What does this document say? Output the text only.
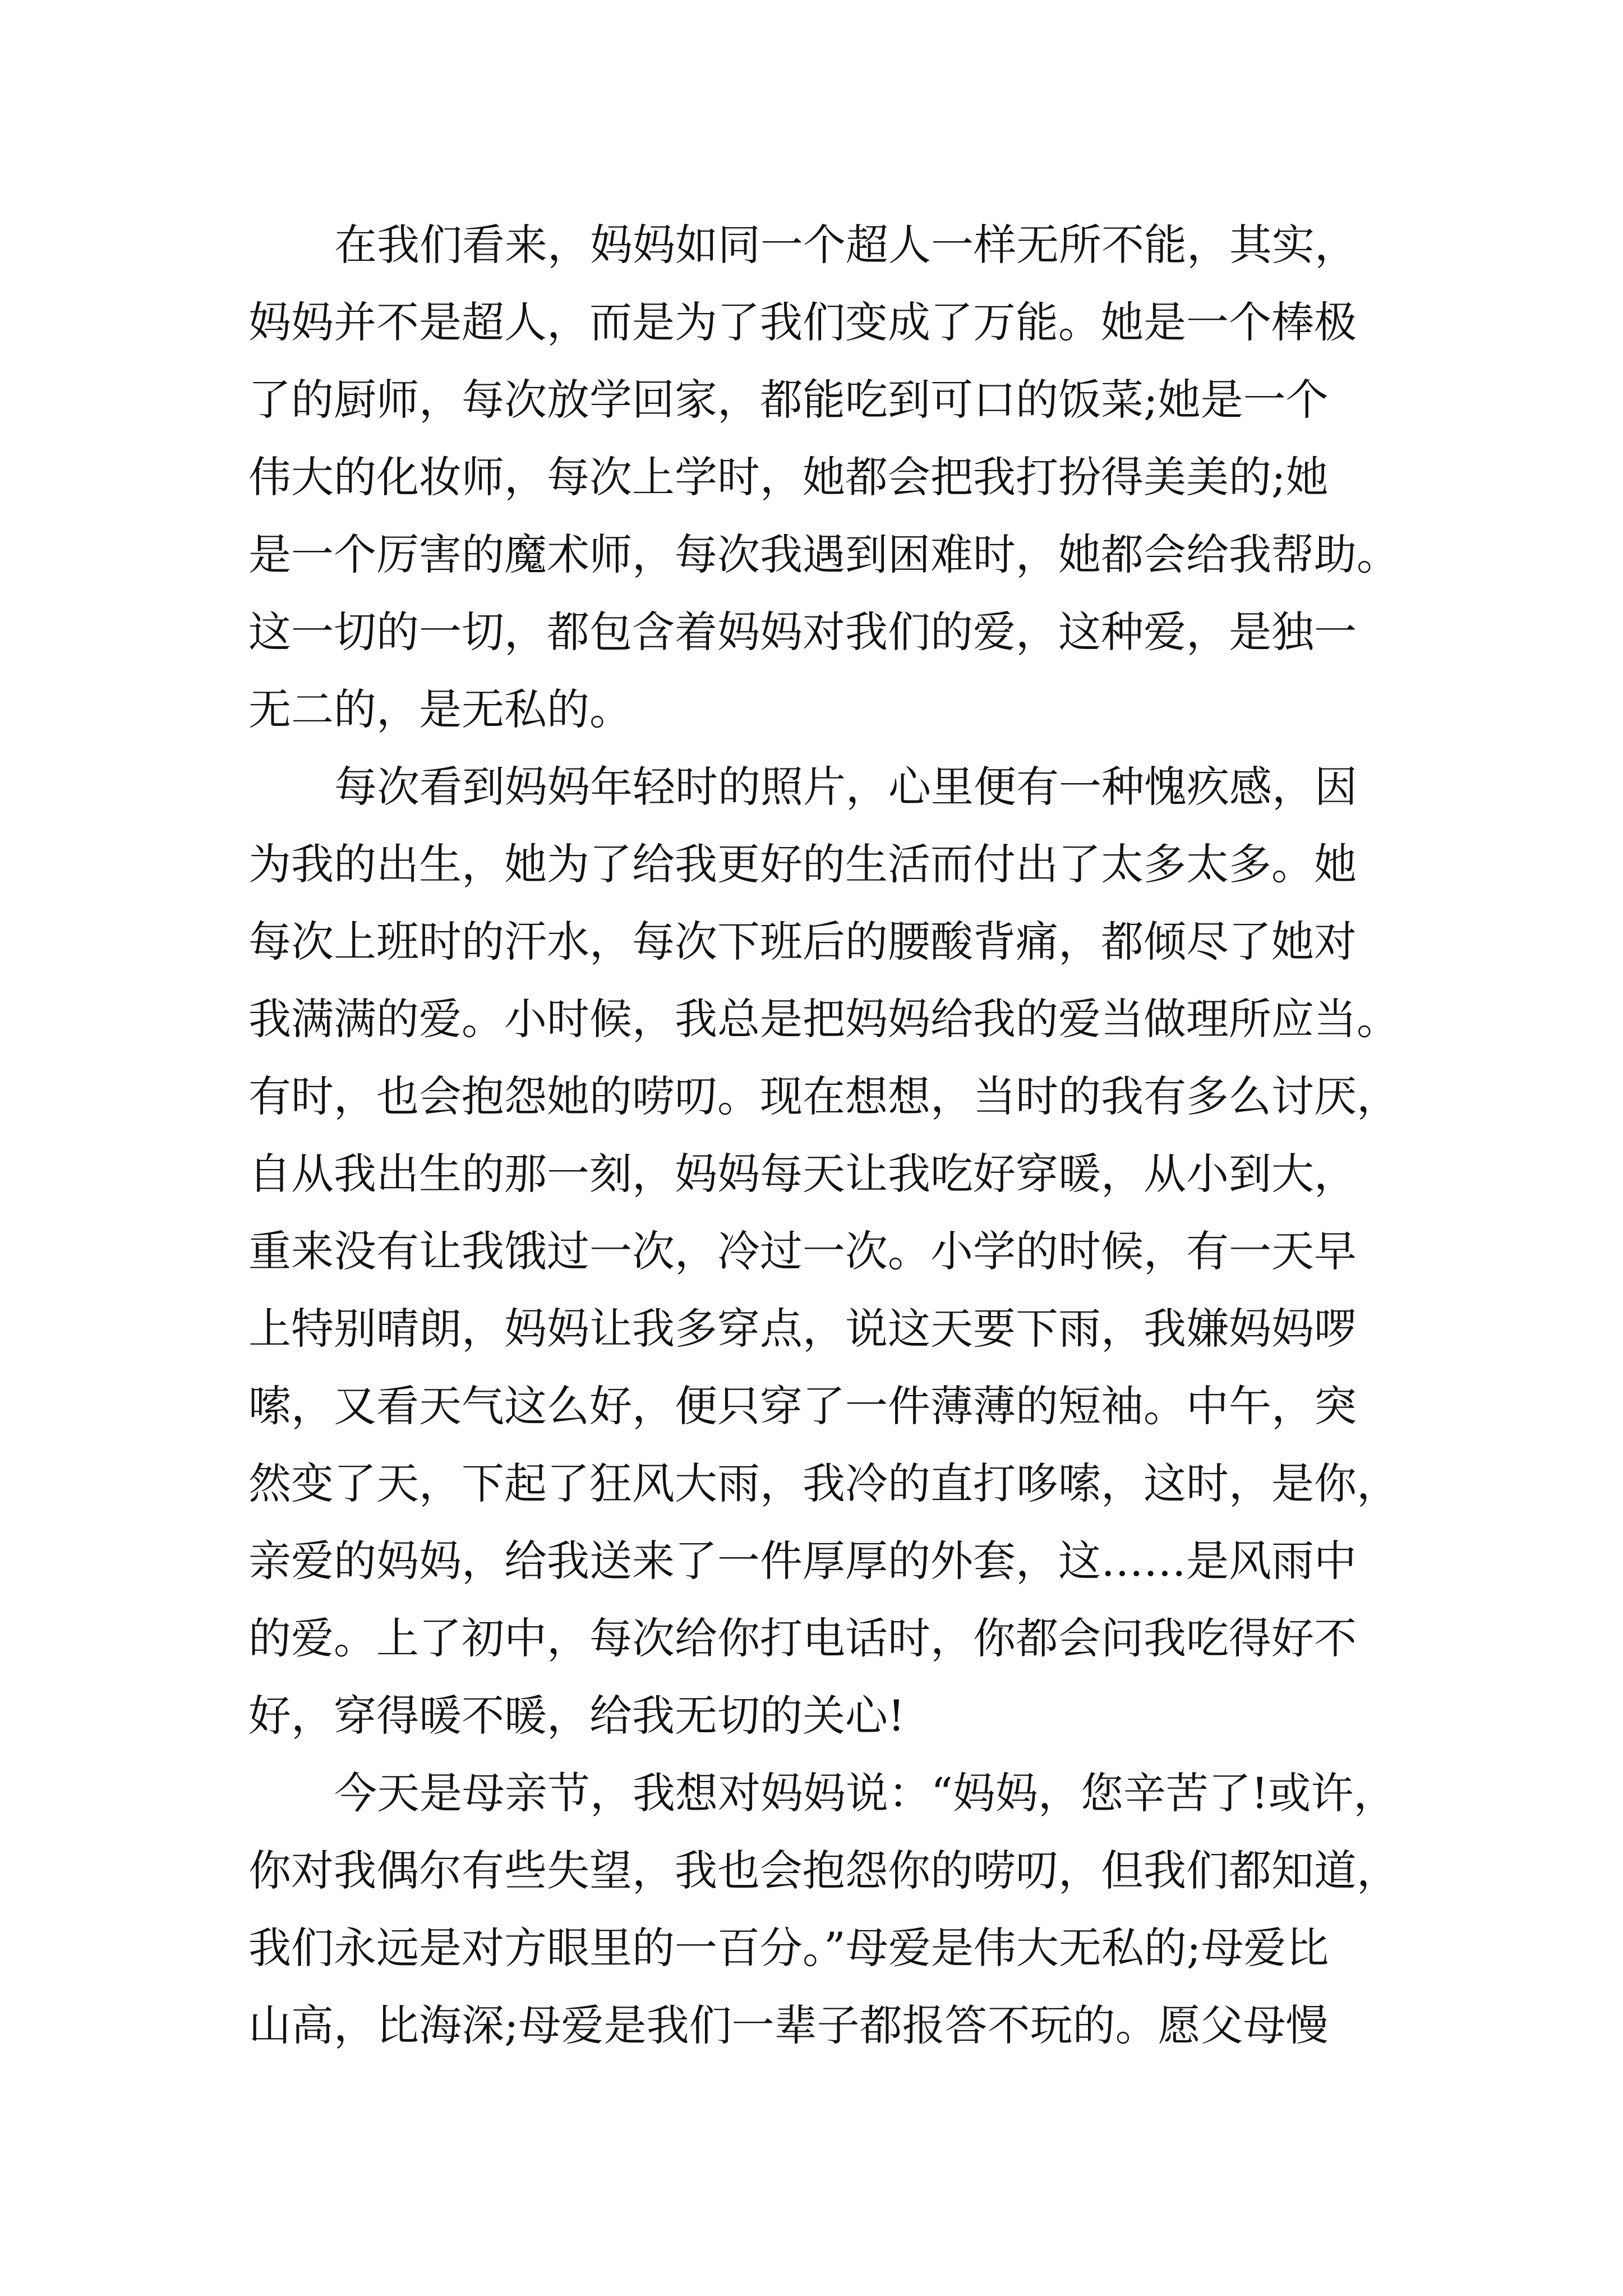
在我们看来，妈妈如同一个超人一样无所不能，其实，
妈妈并不是超人，而是为了我们变成了万能。她是一个棒极
了的厨师，每次放学回家，都能吃到可口的饭菜;她是一个
伟大的化妆师，每次上学时，她都会把我打扮得美美的;她
是一个厉害的魔术师，每次我遇到困难时，她都会给我帮助。
这一切的一切，都包含着妈妈对我们的爱，这种爱，是独一
无二的，是无私的。
每次看到妈妈年轻时的照片，心里便有一种愧疚感，因
为我的出生，她为了给我更好的生活而付出了太多太多。她
每次上班时的汗水，每次下班后的腰酸背痛，都倾尽了她对
我满满的爱。小时候，我总是把妈妈给我的爱当做理所应当。
有时，也会抱怨她的唠叨。现在想想，当时的我有多么讨厌，
自从我出生的那一刻，妈妈每天让我吃好穿暖，从小到大，
重来没有让我饿过一次，冷过一次。小学的时候，有一天早
上特别晴朗，妈妈让我多穿点，说这天要下雨，我嫌妈妈啰
嗦，又看天气这么好，便只穿了一件薄薄的短袖。中午，突
然变了天，下起了狂风大雨，我冷的直打哆嗦，这时，是你，
亲爱的妈妈，给我送来了一件厚厚的外套，这……是风雨中
的爱。上了初中，每次给你打电话时，你都会问我吃得好不
好，穿得暖不暖，给我无切的关心!
今天是母亲节，我想对妈妈说：“妈妈，您辛苦了!或许，
你对我偶尔有些失望，我也会抱怨你的唠叨，但我们都知道，
我们永远是对方眼里的一百分。”母爱是伟大无私的;母爱比
山高，比海深;母爱是我们一辈子都报答不玩的。愿父母慢
